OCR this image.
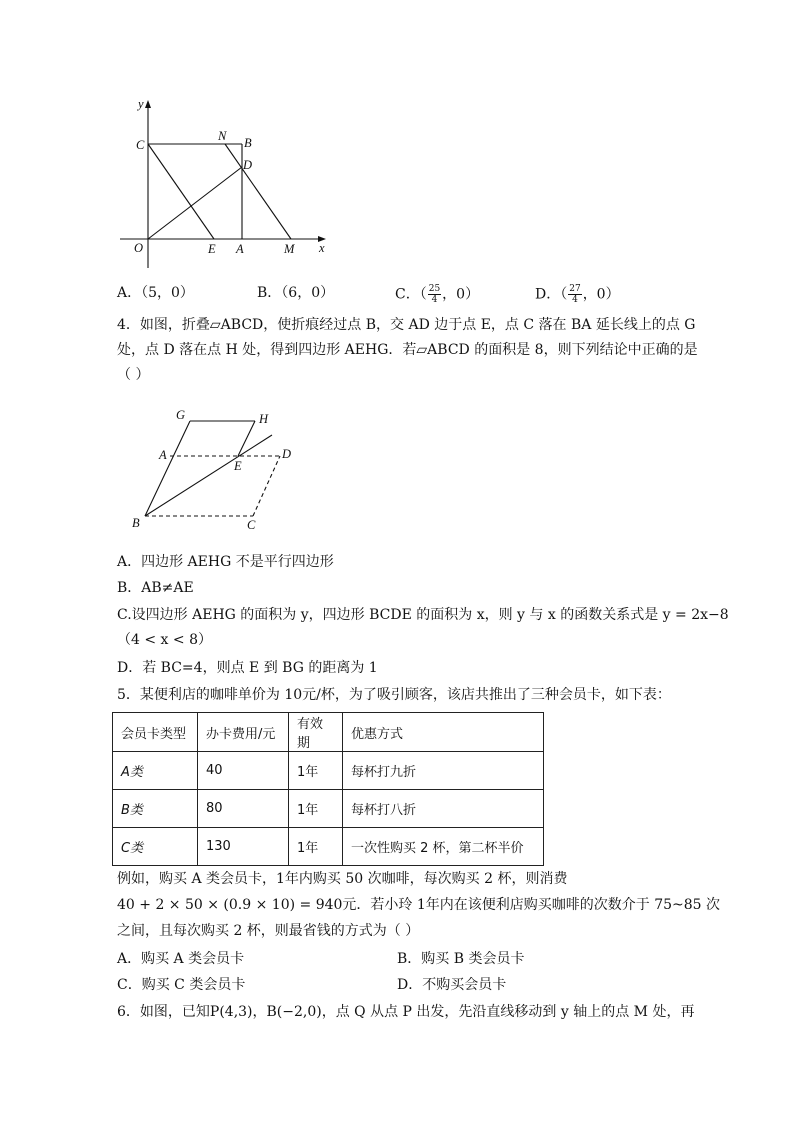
y
x
C
N B
D
O	E A	M
A．（5，0）	B．（6，0）	C．（ $\frac{25}{4}$ ，0）	D．（ $\frac{27}{4}$ ，0）
4．如图，折叠▱ABCD，使折痕经过点 B，交 AD 边于点 E，点 C 落在 BA 延长线上的点 G
处，点 D 落在点 H 处，得到四边形 AEHG．若▱ABCD 的面积是 8，则下列结论中正确的是
（ ）
G	H
A
E
D
B	C
A．四边形 AEHG 不是平行四边形
B．AB≠AE
C.设四边形 AEHG 的面积为 y，四边形 BCDE 的面积为 x，则 y 与 x 的函数关系式是 y = 2x−8
（4 < x < 8）
D．若 BC=4，则点 E 到 BG 的距离为 1
5．某便利店的咖啡单价为 10元/杯，为了吸引顾客，该店共推出了三种会员卡，如下表：
会员卡类型	办卡费用/元	有效期	优惠方式
A类	40	1年	每杯打九折
B类	80	1年	每杯打八折
C类	130	1年	一次性购买 2 杯，第二杯半价
例如，购买 A 类会员卡，1年内购买 50 次咖啡，每次购买 2 杯，则消费
40 + 2 × 50 × (0.9 × 10) = 940元．若小玲 1年内在该便利店购买咖啡的次数介于 75~85 次
之间，且每次购买 2 杯，则最省钱的方式为（ ）
A．购买 A 类会员卡	B．购买 B 类会员卡
C．购买 C 类会员卡	D．不购买会员卡
6．如图，已知P(4,3)，B(−2,0)，点 Q 从点 P 出发，先沿直线移动到 y 轴上的点 M 处，再
